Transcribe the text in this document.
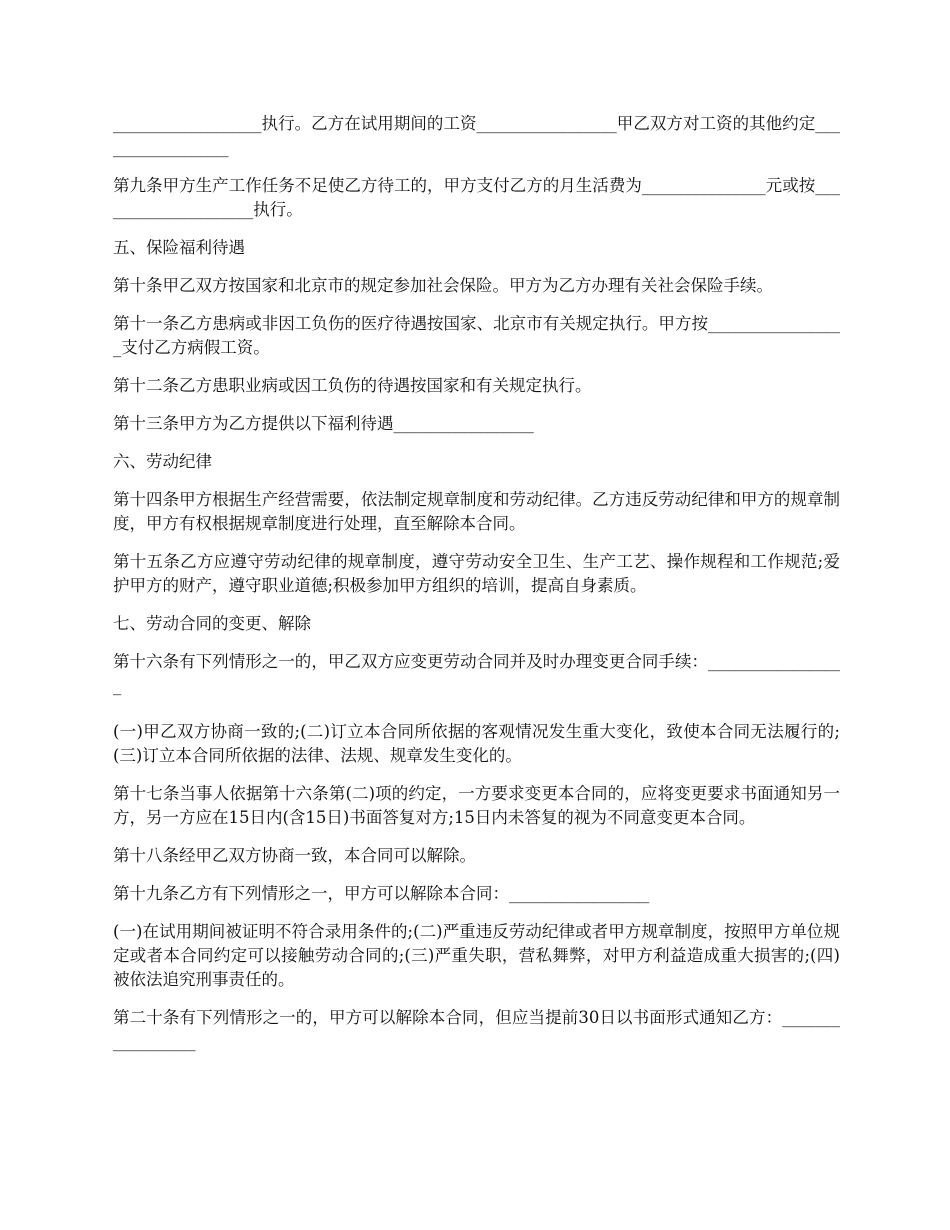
__________________执行。乙方在试用期间的工资_________________甲乙双方对工资的其他约定_________________

第九条甲方生产工作任务不足使乙方待工的，甲方支付乙方的月生活费为_______________元或按____________________执行。

五、保险福利待遇

第十条甲乙双方按国家和北京市的规定参加社会保险。甲方为乙方办理有关社会保险手续。

第十一条乙方患病或非因工负伤的医疗待遇按国家、北京市有关规定执行。甲方按_________________支付乙方病假工资。

第十二条乙方患职业病或因工负伤的待遇按国家和有关规定执行。

第十三条甲方为乙方提供以下福利待遇_________________

六、劳动纪律

第十四条甲方根据生产经营需要，依法制定规章制度和劳动纪律。乙方违反劳动纪律和甲方的规章制度，甲方有权根据规章制度进行处理，直至解除本合同。

第十五条乙方应遵守劳动纪律的规章制度，遵守劳动安全卫生、生产工艺、操作规程和工作规范;爱护甲方的财产，遵守职业道德;积极参加甲方组织的培训，提高自身素质。

七、劳动合同的变更、解除

第十六条有下列情形之一的，甲乙双方应变更劳动合同并及时办理变更合同手续：_________________

(一)甲乙双方协商一致的;(二)订立本合同所依据的客观情况发生重大变化，致使本合同无法履行的;(三)订立本合同所依据的法律、法规、规章发生变化的。

第十七条当事人依据第十六条第(二)项的约定，一方要求变更本合同的，应将变更要求书面通知另一方，另一方应在15日内(含15日)书面答复对方;15日内未答复的视为不同意变更本合同。

第十八条经甲乙双方协商一致，本合同可以解除。

第十九条乙方有下列情形之一，甲方可以解除本合同：_________________

(一)在试用期间被证明不符合录用条件的;(二)严重违反劳动纪律或者甲方规章制度，按照甲方单位规定或者本合同约定可以接触劳动合同的;(三)严重失职，营私舞弊，对甲方利益造成重大损害的;(四)被依法追究刑事责任的。

第二十条有下列情形之一的，甲方可以解除本合同，但应当提前30日以书面形式通知乙方：_________________
